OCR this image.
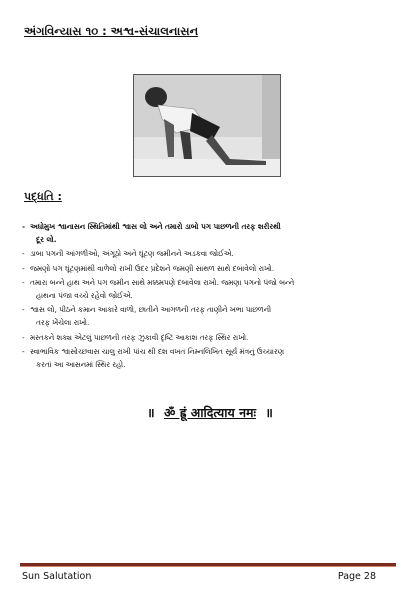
અંગવિન્યાસ ૧૦ : અશ્વ-સંચાલનાસન
પદ્ધતિ :
- અધોમુખ શ્વાનાસન સ્થિતિમાંથી શ્વાસ લો અને તમારો ડાબો પગ પાછળની તરફ શરીરથી
દૂર લો.
- ડાબા પગની આંગળીઓ, અંગૂઠો અને ઘૂંટણ જમીનને અડકવા જોઈએ.
- જમણો પગ ઘૂંટણમાંથી વાળેલો રાખી ઉદર પ્રદેશને જમણી સાથળ સાથે દબાવેલો રાખો.
- તમારા બન્ને હાથ અને પગ જમીન સાથે મક્કમપણે દબાવેલા રાખો. જમણા પગનો પંજો બન્ને
હાથના પંજા વચ્ચે રહેવો જોઈએ.
- શ્વાસ લો, પીઠને કમાન આકારે વાળો, છાતીને આગળની તરફ તાણીને ખભા પાછળની
તરફ ખેંચેલા રાખો.
- મસ્તકને શક્ય એટલું પાછળની તરફ ઝુકાવી દૃષ્ટિ આકાશ તરફ સ્થિર રાખો.
- સ્વાભાવિક શ્વાસોચ્છ્વાસ ચાલુ રાખી પાંચ થી દશ વખત નિમ્નલિખિત સૂર્ય મંત્રનું ઉચ્ચારણ
કરતાં આ આસનમાં સ્થિર રહો.
॥ ॐ ह्रूं आदित्याय नमः ॥
Sun Salutation	Page 28
